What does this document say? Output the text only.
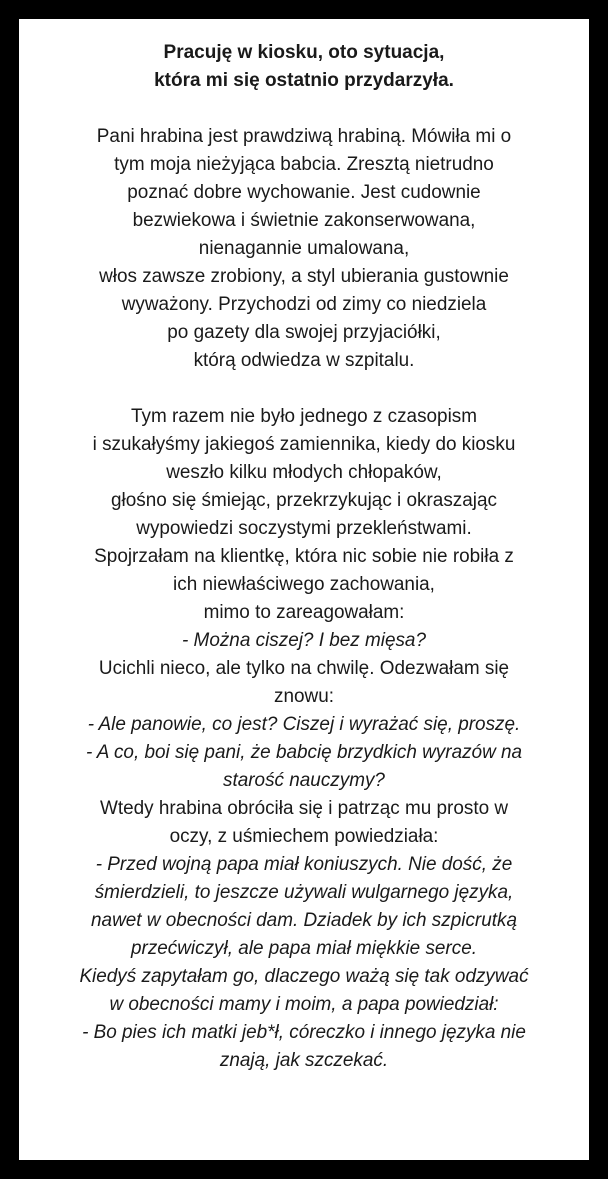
Pracuję w kiosku, oto sytuacja,
która mi się ostatnio przydarzyła.
Pani hrabina jest prawdziwą hrabiną. Mówiła mi o
tym moja nieżyjąca babcia. Zresztą nietrudno
poznać dobre wychowanie. Jest cudownie
bezwiekowa i świetnie zakonserwowana,
nienagannie umalowana,
włos zawsze zrobiony, a styl ubierania gustownie
wyważony. Przychodzi od zimy co niedziela
po gazety dla swojej przyjaciółki,
którą odwiedza w szpitalu.
Tym razem nie było jednego z czasopism
i szukałyśmy jakiegoś zamiennika, kiedy do kiosku
weszło kilku młodych chłopaków,
głośno się śmiejąc, przekrzykując i okraszając
wypowiedzi soczystymi przekleństwami.
Spojrzałam na klientkę, która nic sobie nie robiła z
ich niewłaściwego zachowania,
mimo to zareagowałam:
- Można ciszej? I bez mięsa?
Ucichli nieco, ale tylko na chwilę. Odezwałam się
znowu:
- Ale panowie, co jest? Ciszej i wyrażać się, proszę.
- A co, boi się pani, że babcię brzydkich wyrazów na
starość nauczymy?
Wtedy hrabina obróciła się i patrząc mu prosto w
oczy, z uśmiechem powiedziała:
- Przed wojną papa miał koniuszych. Nie dość, że
śmierdzieli, to jeszcze używali wulgarnego języka,
nawet w obecności dam. Dziadek by ich szpicrutką
przećwiczył, ale papa miał miękkie serce.
Kiedyś zapytałam go, dlaczego ważą się tak odzywać
w obecności mamy i moim, a papa powiedział:
- Bo pies ich matki jeb*ł, córeczko i innego języka nie
znają, jak szczekać.
